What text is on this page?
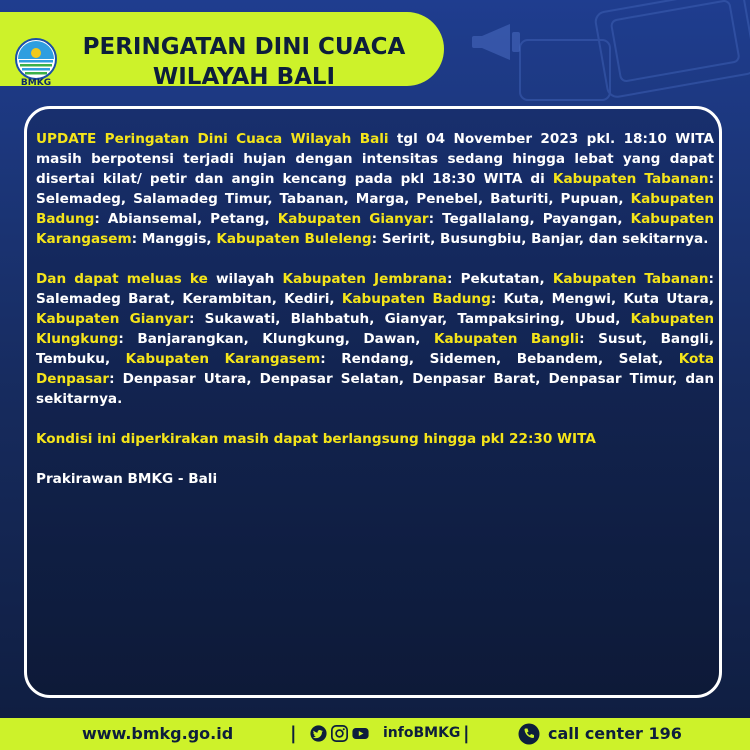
BMKG
PERINGATAN DINI CUACA
WILAYAH BALI

UPDATE Peringatan Dini Cuaca Wilayah Bali tgl 04 November 2023 pkl. 18:10 WITA masih berpotensi terjadi hujan dengan intensitas sedang hingga lebat yang dapat disertai kilat/ petir dan angin kencang pada pkl 18:30 WITA di Kabupaten Tabanan: Selemadeg, Salamadeg Timur, Tabanan, Marga, Penebel, Baturiti, Pupuan, Kabupaten Badung: Abiansemal, Petang, Kabupaten Gianyar: Tegallalang, Payangan, Kabupaten Karangasem: Manggis, Kabupaten Buleleng: Seririt, Busungbiu, Banjar, dan sekitarnya.

Dan dapat meluas ke wilayah Kabupaten Jembrana: Pekutatan, Kabupaten Tabanan: Salemadeg Barat, Kerambitan, Kediri, Kabupaten Badung: Kuta, Mengwi, Kuta Utara, Kabupaten Gianyar: Sukawati, Blahbatuh, Gianyar, Tampaksiring, Ubud, Kabupaten Klungkung: Banjarangkan, Klungkung, Dawan, Kabupaten Bangli: Susut, Bangli, Tembuku, Kabupaten Karangasem: Rendang, Sidemen, Bebandem, Selat, Kota Denpasar: Denpasar Utara, Denpasar Selatan, Denpasar Barat, Denpasar Timur, dan sekitarnya.

Kondisi ini diperkirakan masih dapat berlangsung hingga pkl 22:30 WITA

Prakirawan BMKG - Bali

www.bmkg.go.id	|	infoBMKG |	call center 196
